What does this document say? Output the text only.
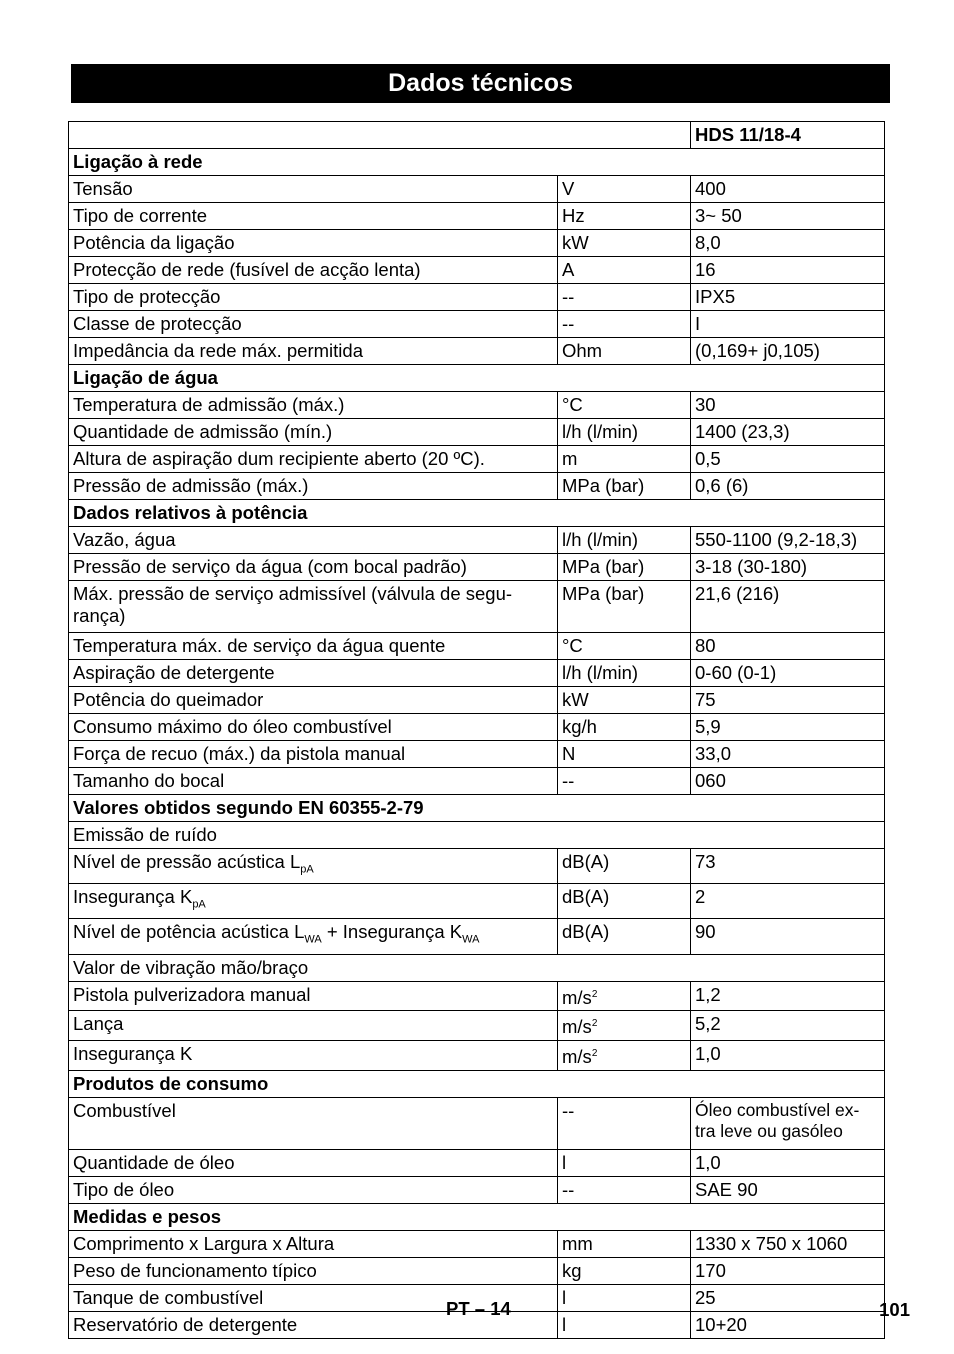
Dados técnicos
		HDS 11/18-4
Ligação à rede		
Tensão	V	400
Tipo de corrente	Hz	3~ 50
Potência da ligação	kW	8,0
Protecção de rede (fusível de acção lenta)	A	16
Tipo de protecção	--	IPX5
Classe de protecção	--	I
Impedância da rede máx. permitida	Ohm	(0,169+ j0,105)
Ligação de água		
Temperatura de admissão (máx.)	°C	30
Quantidade de admissão (mín.)	l/h (l/min)	1400 (23,3)
Altura de aspiração dum recipiente aberto (20 ºC).	m	0,5
Pressão de admissão (máx.)	MPa (bar)	0,6 (6)
Dados relativos à potência		
Vazão, água	l/h (l/min)	550-1100 (9,2-18,3)
Pressão de serviço da água (com bocal padrão)	MPa (bar)	3-18 (30-180)
Máx. pressão de serviço admissível (válvula de segu-
rança)	MPa (bar)	21,6 (216)
Temperatura máx. de serviço da água quente	°C	80
Aspiração de detergente	l/h (l/min)	0-60 (0-1)
Potência do queimador	kW	75
Consumo máximo do óleo combustível	kg/h	5,9
Força de recuo (máx.) da pistola manual	N	33,0
Tamanho do bocal	--	060
Valores obtidos segundo EN 60355-2-79		
Emissão de ruído		
Nível de pressão acústica $L_{pA}$	dB(A)	73
Insegurança $K_{pA}$	dB(A)	2
Nível de potência acústica $L_{WA}$ + Insegurança $K_{WA}$	dB(A)	90
Valor de vibração mão/braço		
Pistola pulverizadora manual	$m/s^2$	1,2
Lança	$m/s^2$	5,2
Insegurança K	$m/s^2$	1,0
Produtos de consumo		
Combustível	--	Óleo combustível ex-
tra leve ou gasóleo
Quantidade de óleo	l	1,0
Tipo de óleo	--	SAE 90
Medidas e pesos		
Comprimento x Largura x Altura	mm	1330 x 750 x 1060
Peso de funcionamento típico	kg	170
Tanque de combustível	l	25
Reservatório de detergente	l	10+20
PT – 14	101
